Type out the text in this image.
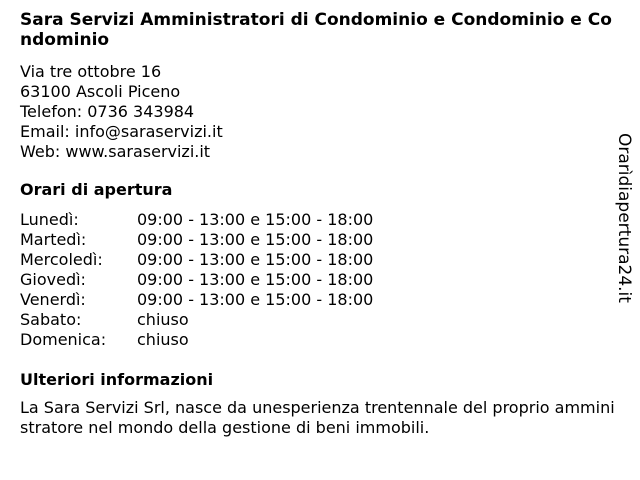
Sara Servizi Amministratori di Condominio e Condominio e Condominio
Via tre ottobre 16
63100 Ascoli Piceno
Telefon: 0736 343984
Email: info@saraservizi.it
Web: www.saraservizi.it
Orari di apertura
Lunedì:	09:00 - 13:00 e 15:00 - 18:00
Martedì:	09:00 - 13:00 e 15:00 - 18:00
Mercoledì:	09:00 - 13:00 e 15:00 - 18:00
Giovedì:	09:00 - 13:00 e 15:00 - 18:00
Venerdì:	09:00 - 13:00 e 15:00 - 18:00
Sabato:	chiuso
Domenica:	chiuso
Ulteriori informazioni
La Sara Servizi Srl, nasce da unesperienza trentennale del proprio amministratore nel mondo della gestione di beni immobili.
Orarìdiapertura24.it
